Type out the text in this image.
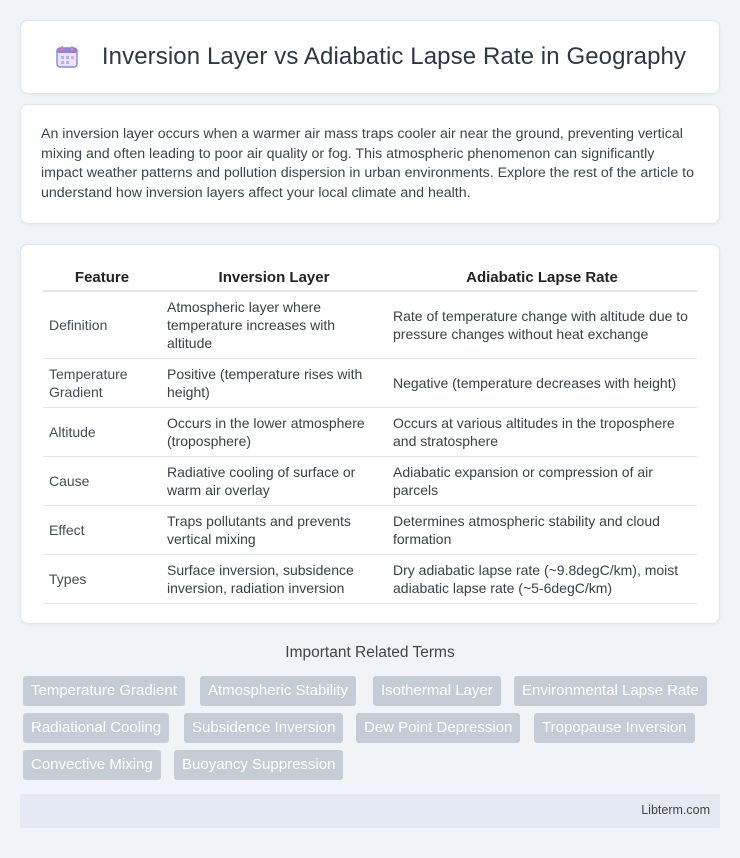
Inversion Layer vs Adiabatic Lapse Rate in Geography

An inversion layer occurs when a warmer air mass traps cooler air near the ground, preventing vertical mixing and often leading to poor air quality or fog. This atmospheric phenomenon can significantly impact weather patterns and pollution dispersion in urban environments. Explore the rest of the article to understand how inversion layers affect your local climate and health.

Feature	Inversion Layer	Adiabatic Lapse Rate
Definition	Atmospheric layer where temperature increases with altitude	Rate of temperature change with altitude due to pressure changes without heat exchange
Temperature Gradient	Positive (temperature rises with height)	Negative (temperature decreases with height)
Altitude	Occurs in the lower atmosphere (troposphere)	Occurs at various altitudes in the troposphere and stratosphere
Cause	Radiative cooling of surface or warm air overlay	Adiabatic expansion or compression of air parcels
Effect	Traps pollutants and prevents vertical mixing	Determines atmospheric stability and cloud formation
Types	Surface inversion, subsidence inversion, radiation inversion	Dry adiabatic lapse rate (~9.8degC/km), moist adiabatic lapse rate (~5-6degC/km)
Important Related Terms
Temperature Gradient	Atmospheric Stability	Isothermal Layer	Environmental Lapse Rate
Radiational Cooling	Subsidence Inversion	Dew Point Depression	Tropopause Inversion
Convective Mixing	Buoyancy Suppression
Libterm.com
